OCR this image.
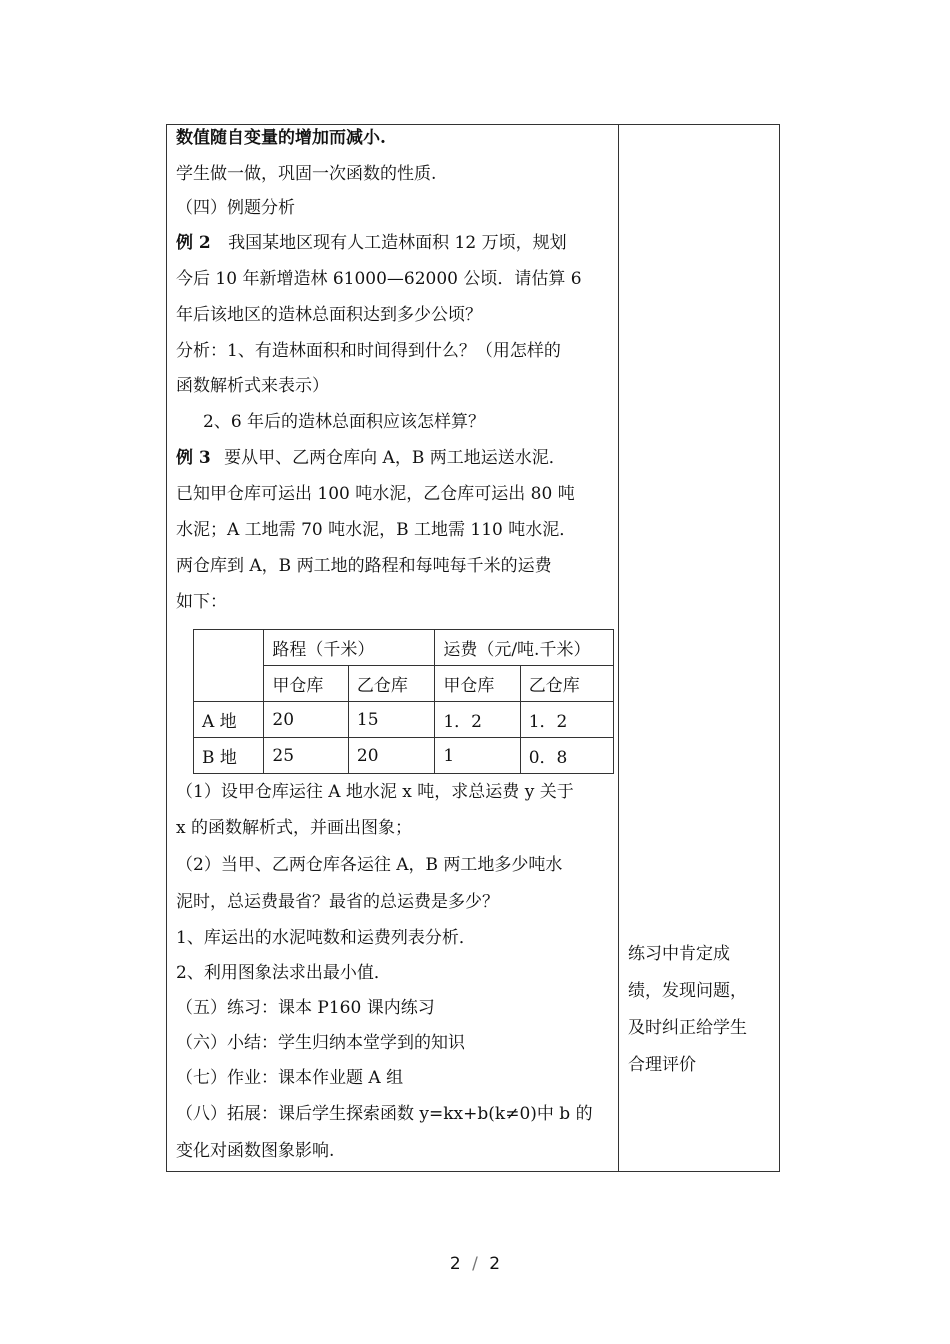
数值随自变量的增加而减小.
学生做一做，巩固一次函数的性质.
（四）例题分析
例 2 我国某地区现有人工造林面积 12 万顷，规划
今后 10 年新增造林 61000—62000 公顷．请估算 6
年后该地区的造林总面积达到多少公顷？
分析：1、有造林面积和时间得到什么？（用怎样的
函数解析式来表示）
2、6 年后的造林总面积应该怎样算？
例 3 要从甲、乙两仓库向 A，B 两工地运送水泥．
已知甲仓库可运出 100 吨水泥，乙仓库可运出 80 吨
水泥；A 工地需 70 吨水泥，B 工地需 110 吨水泥．
两仓库到 A，B 两工地的路程和每吨每千米的运费
如下：
	路程（千米）		运费（元/吨.千米）	
	甲仓库	乙仓库	甲仓库	乙仓库
A 地	20	15	1．2	1．2
B 地	25	20	1	0．8
（1）设甲仓库运往 A 地水泥 x 吨，求总运费 y 关于
x 的函数解析式，并画出图象；
（2）当甲、乙两仓库各运往 A，B 两工地多少吨水
泥时，总运费最省？最省的总运费是多少？
1、库运出的水泥吨数和运费列表分析．
2、利用图象法求出最小值．
（五）练习：课本 P160 课内练习
（六）小结：学生归纳本堂学到的知识
（七）作业：课本作业题 A 组
（八）拓展：课后学生探索函数 y=kx+b(k≠0)中 b 的
变化对函数图象影响.
练习中肯定成
绩，发现问题，
及时纠正给学生
合理评价
2 / 2
